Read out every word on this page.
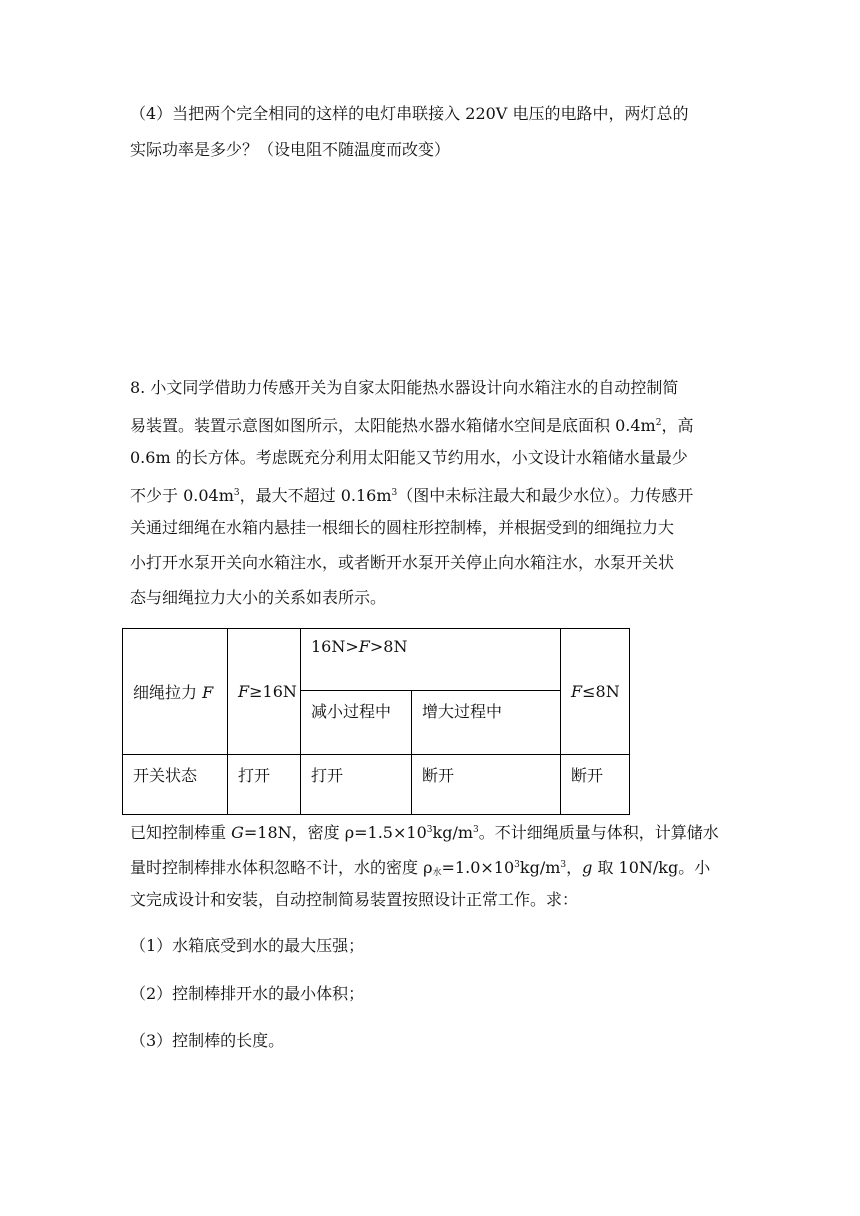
（4）当把两个完全相同的这样的电灯串联接入 220V 电压的电路中，两灯总的
实际功率是多少？（设电阻不随温度而改变）
8. 小文同学借助力传感开关为自家太阳能热水器设计向水箱注水的自动控制简
易装置。装置示意图如图所示，太阳能热水器水箱储水空间是底面积 $0.4m^2$，高
0.6m 的长方体。考虑既充分利用太阳能又节约用水，小文设计水箱储水量最少
不少于 $0.04m^3$，最大不超过 $0.16m^3$（图中未标注最大和最少水位）。力传感开
关通过细绳在水箱内悬挂一根细长的圆柱形控制棒，并根据受到的细绳拉力大
小打开水泵开关向水箱注水，或者断开水泵开关停止向水箱注水，水泵开关状
态与细绳拉力大小的关系如表所示。
细绳拉力 F	F≥16N	16N>F>8N		F≤8N
		减小过程中	增大过程中	
开关状态	打开	打开	断开	断开
已知控制棒重 G=18N，密度 $\rho=1.5\times 10^3kg/m^3$。不计细绳质量与体积，计算储水
量时控制棒排水体积忽略不计，水的密度 $\rho_水=1.0\times 10^3kg/m^3$，g 取 10N/kg。小
文完成设计和安装，自动控制简易装置按照设计正常工作。求：
（1）水箱底受到水的最大压强；
（2）控制棒排开水的最小体积；
（3）控制棒的长度。
